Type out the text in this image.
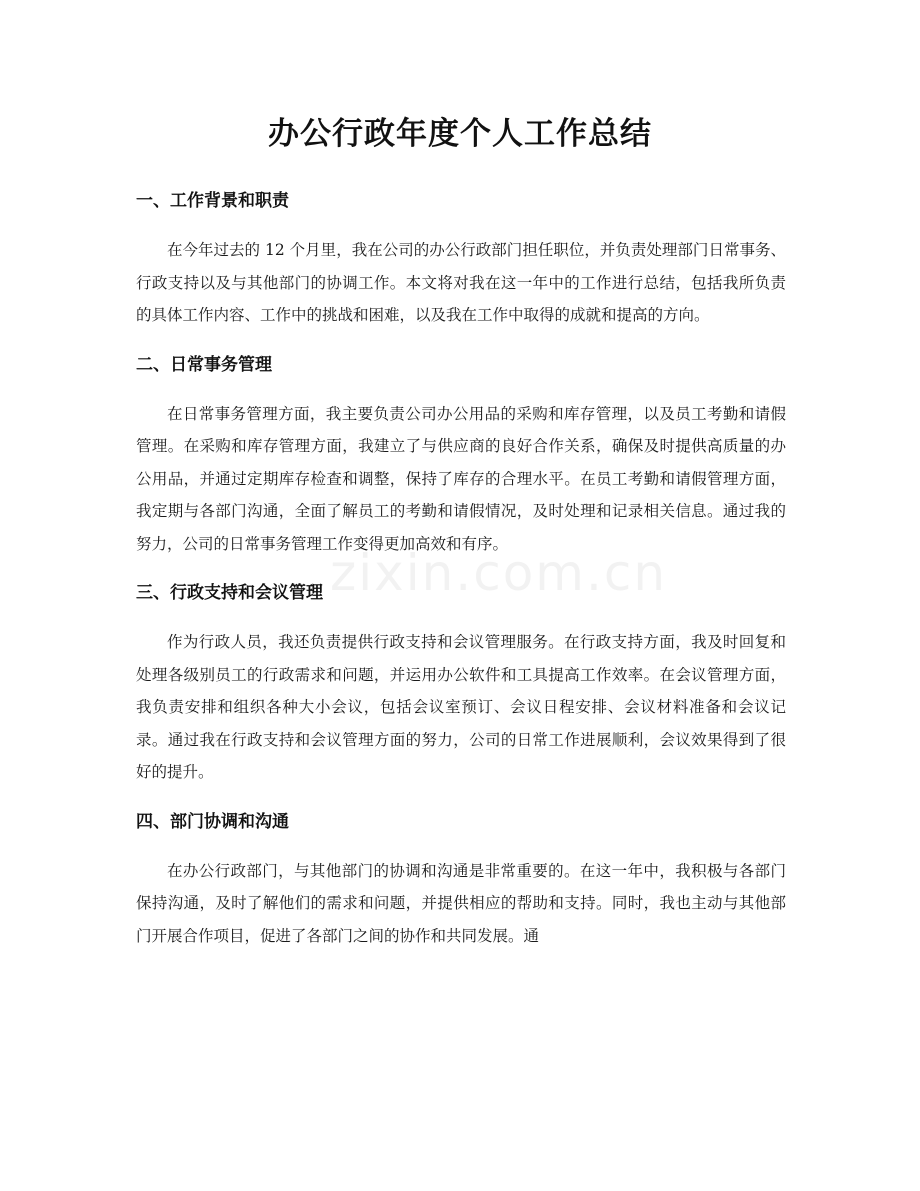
办公行政年度个人工作总结
zixin.com.cn
一、工作背景和职责

在今年过去的 12 个月里，我在公司的办公行政部门担任职位，并负责处理部门日常事务、行政支持以及与其他部门的协调工作。本文将对我在这一年中的工作进行总结，包括我所负责的具体工作内容、工作中的挑战和困难，以及我在工作中取得的成就和提高的方向。

二、日常事务管理

在日常事务管理方面，我主要负责公司办公用品的采购和库存管理，以及员工考勤和请假管理。在采购和库存管理方面，我建立了与供应商的良好合作关系，确保及时提供高质量的办公用品，并通过定期库存检查和调整，保持了库存的合理水平。在员工考勤和请假管理方面，我定期与各部门沟通，全面了解员工的考勤和请假情况，及时处理和记录相关信息。通过我的努力，公司的日常事务管理工作变得更加高效和有序。

三、行政支持和会议管理

作为行政人员，我还负责提供行政支持和会议管理服务。在行政支持方面，我及时回复和处理各级别员工的行政需求和问题，并运用办公软件和工具提高工作效率。在会议管理方面，我负责安排和组织各种大小会议，包括会议室预订、会议日程安排、会议材料准备和会议记录。通过我在行政支持和会议管理方面的努力，公司的日常工作进展顺利，会议效果得到了很好的提升。

四、部门协调和沟通

在办公行政部门，与其他部门的协调和沟通是非常重要的。在这一年中，我积极与各部门保持沟通，及时了解他们的需求和问题，并提供相应的帮助和支持。同时，我也主动与其他部门开展合作项目，促进了各部门之间的协作和共同发展。通
